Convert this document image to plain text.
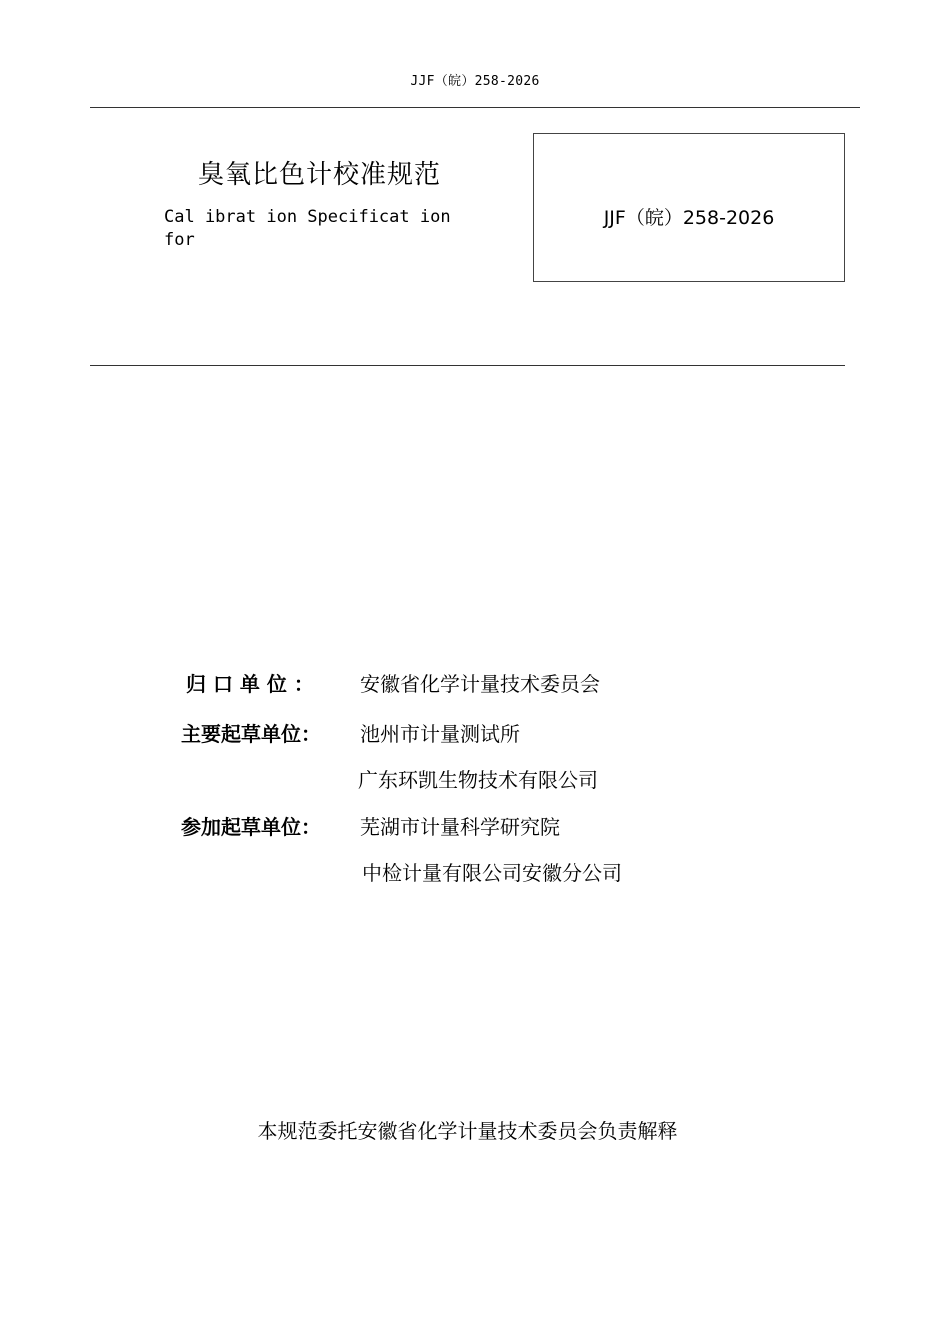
JJF（皖）258-2026
臭氧比色计校准规范
Cal ibrat ion Specificat ion
for
JJF（皖）258-2026
归 口 单 位 ： 安徽省化学计量技术委员会
主要起草单位： 池州市计量测试所
广东环凯生物技术有限公司
参加起草单位： 芜湖市计量科学研究院
中检计量有限公司安徽分公司
本规范委托安徽省化学计量技术委员会负责解释
